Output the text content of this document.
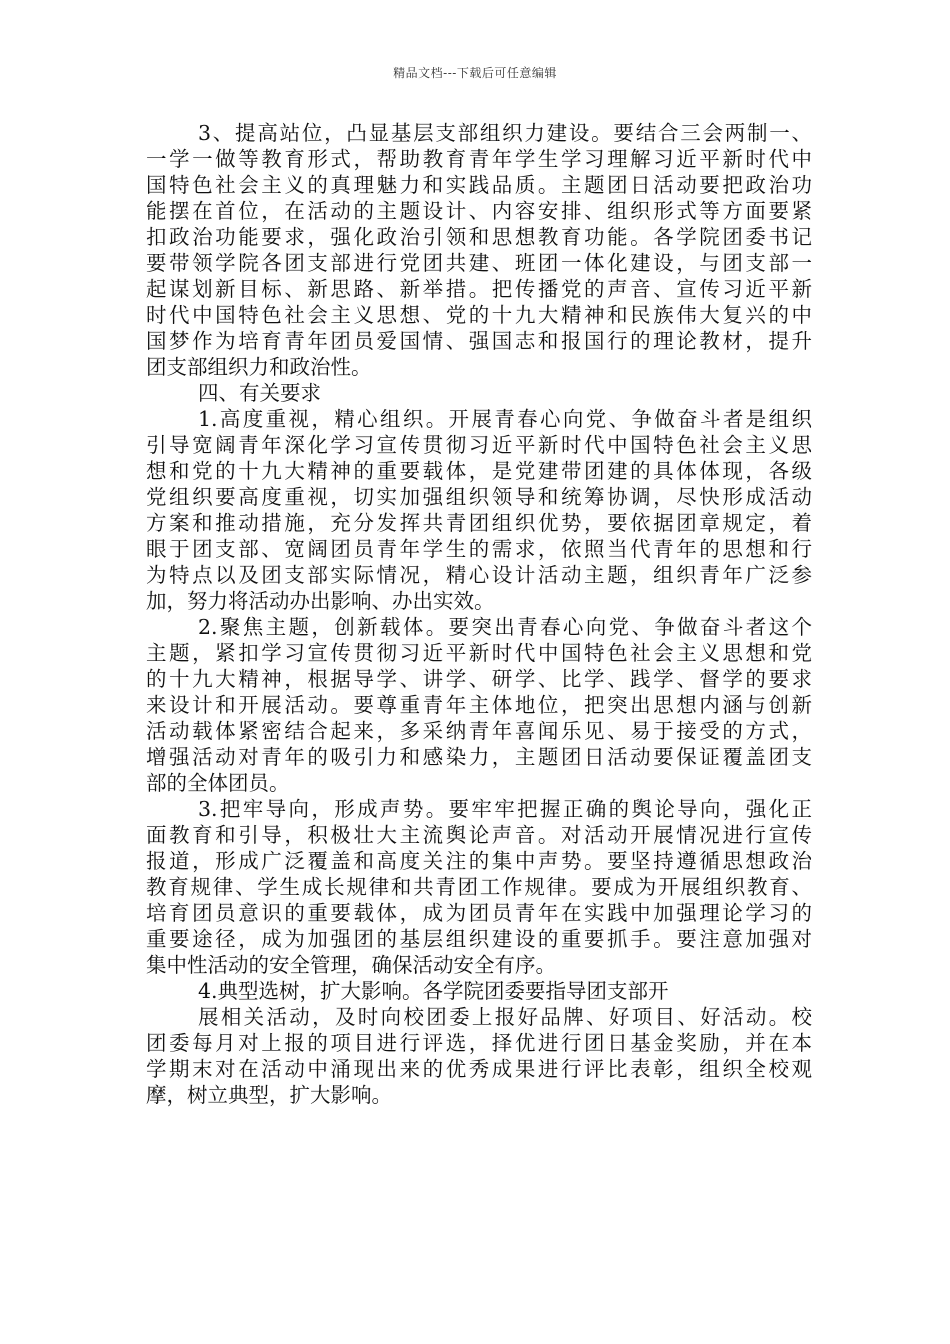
精品文档---下载后可任意编辑
3、提高站位，凸显基层支部组织力建设。要结合三会两制一、
一学一做等教育形式，帮助教育青年学生学习理解习近平新时代中
国特色社会主义的真理魅力和实践品质。主题团日活动要把政治功
能摆在首位，在活动的主题设计、内容安排、组织形式等方面要紧
扣政治功能要求，强化政治引领和思想教育功能。各学院团委书记
要带领学院各团支部进行党团共建、班团一体化建设，与团支部一
起谋划新目标、新思路、新举措。把传播党的声音、宣传习近平新
时代中国特色社会主义思想、党的十九大精神和民族伟大复兴的中
国梦作为培育青年团员爱国情、强国志和报国行的理论教材，提升
团支部组织力和政治性。
四、有关要求
1.高度重视，精心组织。开展青春心向党、争做奋斗者是组织
引导宽阔青年深化学习宣传贯彻习近平新时代中国特色社会主义思
想和党的十九大精神的重要载体，是党建带团建的具体体现，各级
党组织要高度重视，切实加强组织领导和统筹协调，尽快形成活动
方案和推动措施，充分发挥共青团组织优势，要依据团章规定，着
眼于团支部、宽阔团员青年学生的需求，依照当代青年的思想和行
为特点以及团支部实际情况，精心设计活动主题，组织青年广泛参
加，努力将活动办出影响、办出实效。
2.聚焦主题，创新载体。要突出青春心向党、争做奋斗者这个
主题，紧扣学习宣传贯彻习近平新时代中国特色社会主义思想和党
的十九大精神，根据导学、讲学、研学、比学、践学、督学的要求
来设计和开展活动。要尊重青年主体地位，把突出思想内涵与创新
活动载体紧密结合起来，多采纳青年喜闻乐见、易于接受的方式，
增强活动对青年的吸引力和感染力，主题团日活动要保证覆盖团支
部的全体团员。
3.把牢导向，形成声势。要牢牢把握正确的舆论导向，强化正
面教育和引导，积极壮大主流舆论声音。对活动开展情况进行宣传
报道，形成广泛覆盖和高度关注的集中声势。要坚持遵循思想政治
教育规律、学生成长规律和共青团工作规律。要成为开展组织教育、
培育团员意识的重要载体，成为团员青年在实践中加强理论学习的
重要途径，成为加强团的基层组织建设的重要抓手。要注意加强对
集中性活动的安全管理，确保活动安全有序。
4.典型选树，扩大影响。各学院团委要指导团支部开
展相关活动，及时向校团委上报好品牌、好项目、好活动。校
团委每月对上报的项目进行评选，择优进行团日基金奖励，并在本
学期末对在活动中涌现出来的优秀成果进行评比表彰，组织全校观
摩，树立典型，扩大影响。
